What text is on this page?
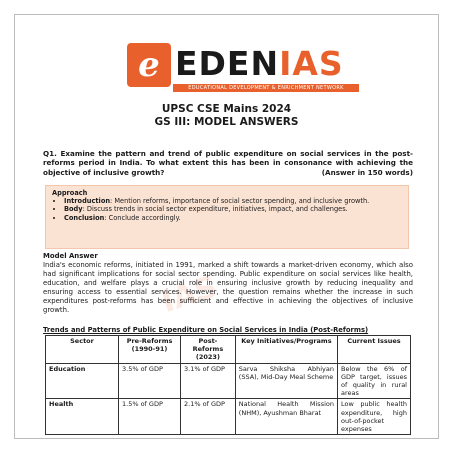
e EDENIAS
EDUCATIONAL DEVELOPMENT & ENRICHMENT NETWORK
UPSC CSE Mains 2024
GS III: MODEL ANSWERS
Q1. Examine the pattern and trend of public expenditure on social services in the post-reforms period in India. To what extent this has been in consonance with achieving the objective of inclusive growth?	(Answer in 150 words)
Approach
• Introduction: Mention reforms, importance of social sector spending, and inclusive growth.
• Body: Discuss trends in social sector expenditure, initiatives, impact, and challenges.
• Conclusion: Conclude accordingly.
IAS
Model Answer

India's economic reforms, initiated in 1991, marked a shift towards a market-driven economy, which also had significant implications for social sector spending. Public expenditure on social services like health, education, and welfare plays a crucial role in ensuring inclusive growth by reducing inequality and ensuring access to essential services. However, the question remains whether the increase in such expenditures post-reforms has been sufficient and effective in achieving the objectives of inclusive growth.

Trends and Patterns of Public Expenditure on Social Services in India (Post-Reforms)
Sector	Pre-Reforms (1990-91)	Post-Reforms (2023)	Key Initiatives/Programs	Current Issues
Education	3.5% of GDP	3.1% of GDP	Sarva Shiksha Abhiyan (SSA), Mid-Day Meal Scheme	Below the 6% of GDP target, issues of quality in rural areas
Health	1.5% of GDP	2.1% of GDP	National Health Mission (NHM), Ayushman Bharat	Low public health expenditure, high out-of-pocket expenses
